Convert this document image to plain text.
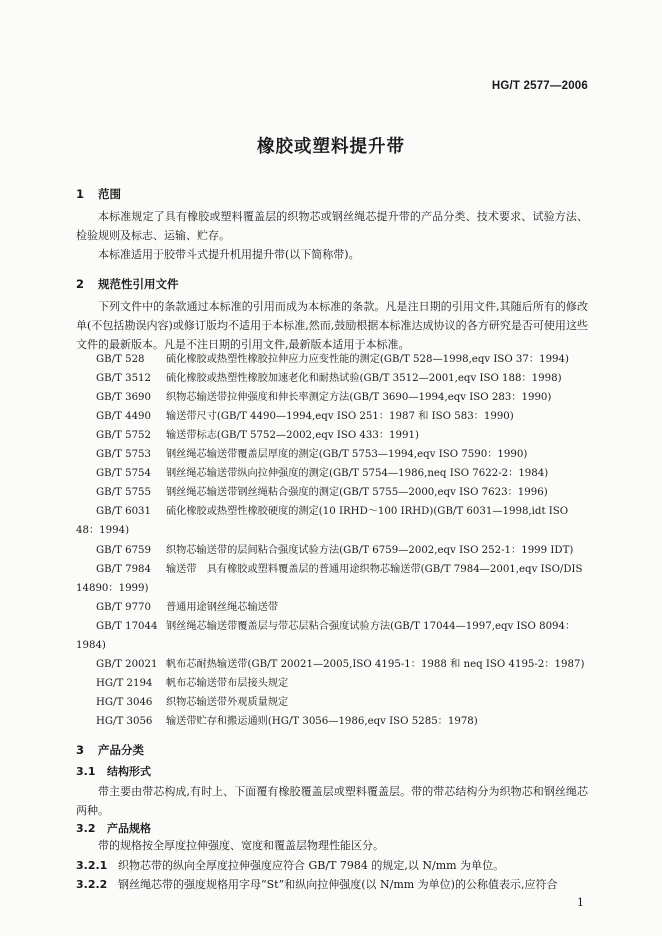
HG/T 2577—2006
橡胶或塑料提升带
1 范围
本标准规定了具有橡胶或塑料覆盖层的织物芯或钢丝绳芯提升带的产品分类、技术要求、试验方法、检验规则及标志、运输、贮存。
本标准适用于胶带斗式提升机用提升带(以下简称带)。
2 规范性引用文件
下列文件中的条款通过本标准的引用而成为本标准的条款。凡是注日期的引用文件,其随后所有的修改单(不包括勘误内容)或修订版均不适用于本标准,然而,鼓励根据本标准达成协议的各方研究是否可使用这些文件的最新版本。凡是不注日期的引用文件,最新版本适用于本标准。
GB/T 528 硫化橡胶或热塑性橡胶拉伸应力应变性能的测定(GB/T 528—1998,eqv ISO 37：1994)
GB/T 3512 硫化橡胶或热塑性橡胶加速老化和耐热试验(GB/T 3512—2001,eqv ISO 188：1998)
GB/T 3690 织物芯输送带拉伸强度和伸长率测定方法(GB/T 3690—1994,eqv ISO 283：1990)
GB/T 4490 输送带尺寸(GB/T 4490—1994,eqv ISO 251：1987 和 ISO 583：1990)
GB/T 5752 输送带标志(GB/T 5752—2002,eqv ISO 433：1991)
GB/T 5753 钢丝绳芯输送带覆盖层厚度的测定(GB/T 5753—1994,eqv ISO 7590：1990)
GB/T 5754 钢丝绳芯输送带纵向拉伸强度的测定(GB/T 5754—1986,neq ISO 7622-2：1984)
GB/T 5755 钢丝绳芯输送带钢丝绳粘合强度的测定(GB/T 5755—2000,eqv ISO 7623：1996)
GB/T 6031 硫化橡胶或热塑性橡胶硬度的测定(10 IRHD～100 IRHD)(GB/T 6031—1998,idt ISO 48：1994)
GB/T 6759 织物芯输送带的层间粘合强度试验方法(GB/T 6759—2002,eqv ISO 252-1：1999 IDT)
GB/T 7984 输送带　具有橡胶或塑料覆盖层的普通用途织物芯输送带(GB/T 7984—2001,eqv ISO/DIS 14890：1999)
GB/T 9770 普通用途钢丝绳芯输送带
GB/T 17044 钢丝绳芯输送带覆盖层与带芯层粘合强度试验方法(GB/T 17044—1997,eqv ISO 8094：1984)
GB/T 20021 帆布芯耐热输送带(GB/T 20021—2005,ISO 4195-1：1988 和 neq ISO 4195-2：1987)
HG/T 2194 帆布芯输送带布层接头规定
HG/T 3046 织物芯输送带外观质量规定
HG/T 3056 输送带贮存和搬运通则(HG/T 3056—1986,eqv ISO 5285：1978)
3 产品分类
3.1 结构形式
带主要由带芯构成,有时上、下面覆有橡胶覆盖层或塑料覆盖层。带的带芯结构分为织物芯和钢丝绳芯两种。
3.2 产品规格
带的规格按全厚度拉伸强度、宽度和覆盖层物理性能区分。
3.2.1 织物芯带的纵向全厚度拉伸强度应符合 GB/T 7984 的规定,以 N/mm 为单位。
3.2.2 钢丝绳芯带的强度规格用字母“St”和纵向拉伸强度(以 N/mm 为单位)的公称值表示,应符合
1
